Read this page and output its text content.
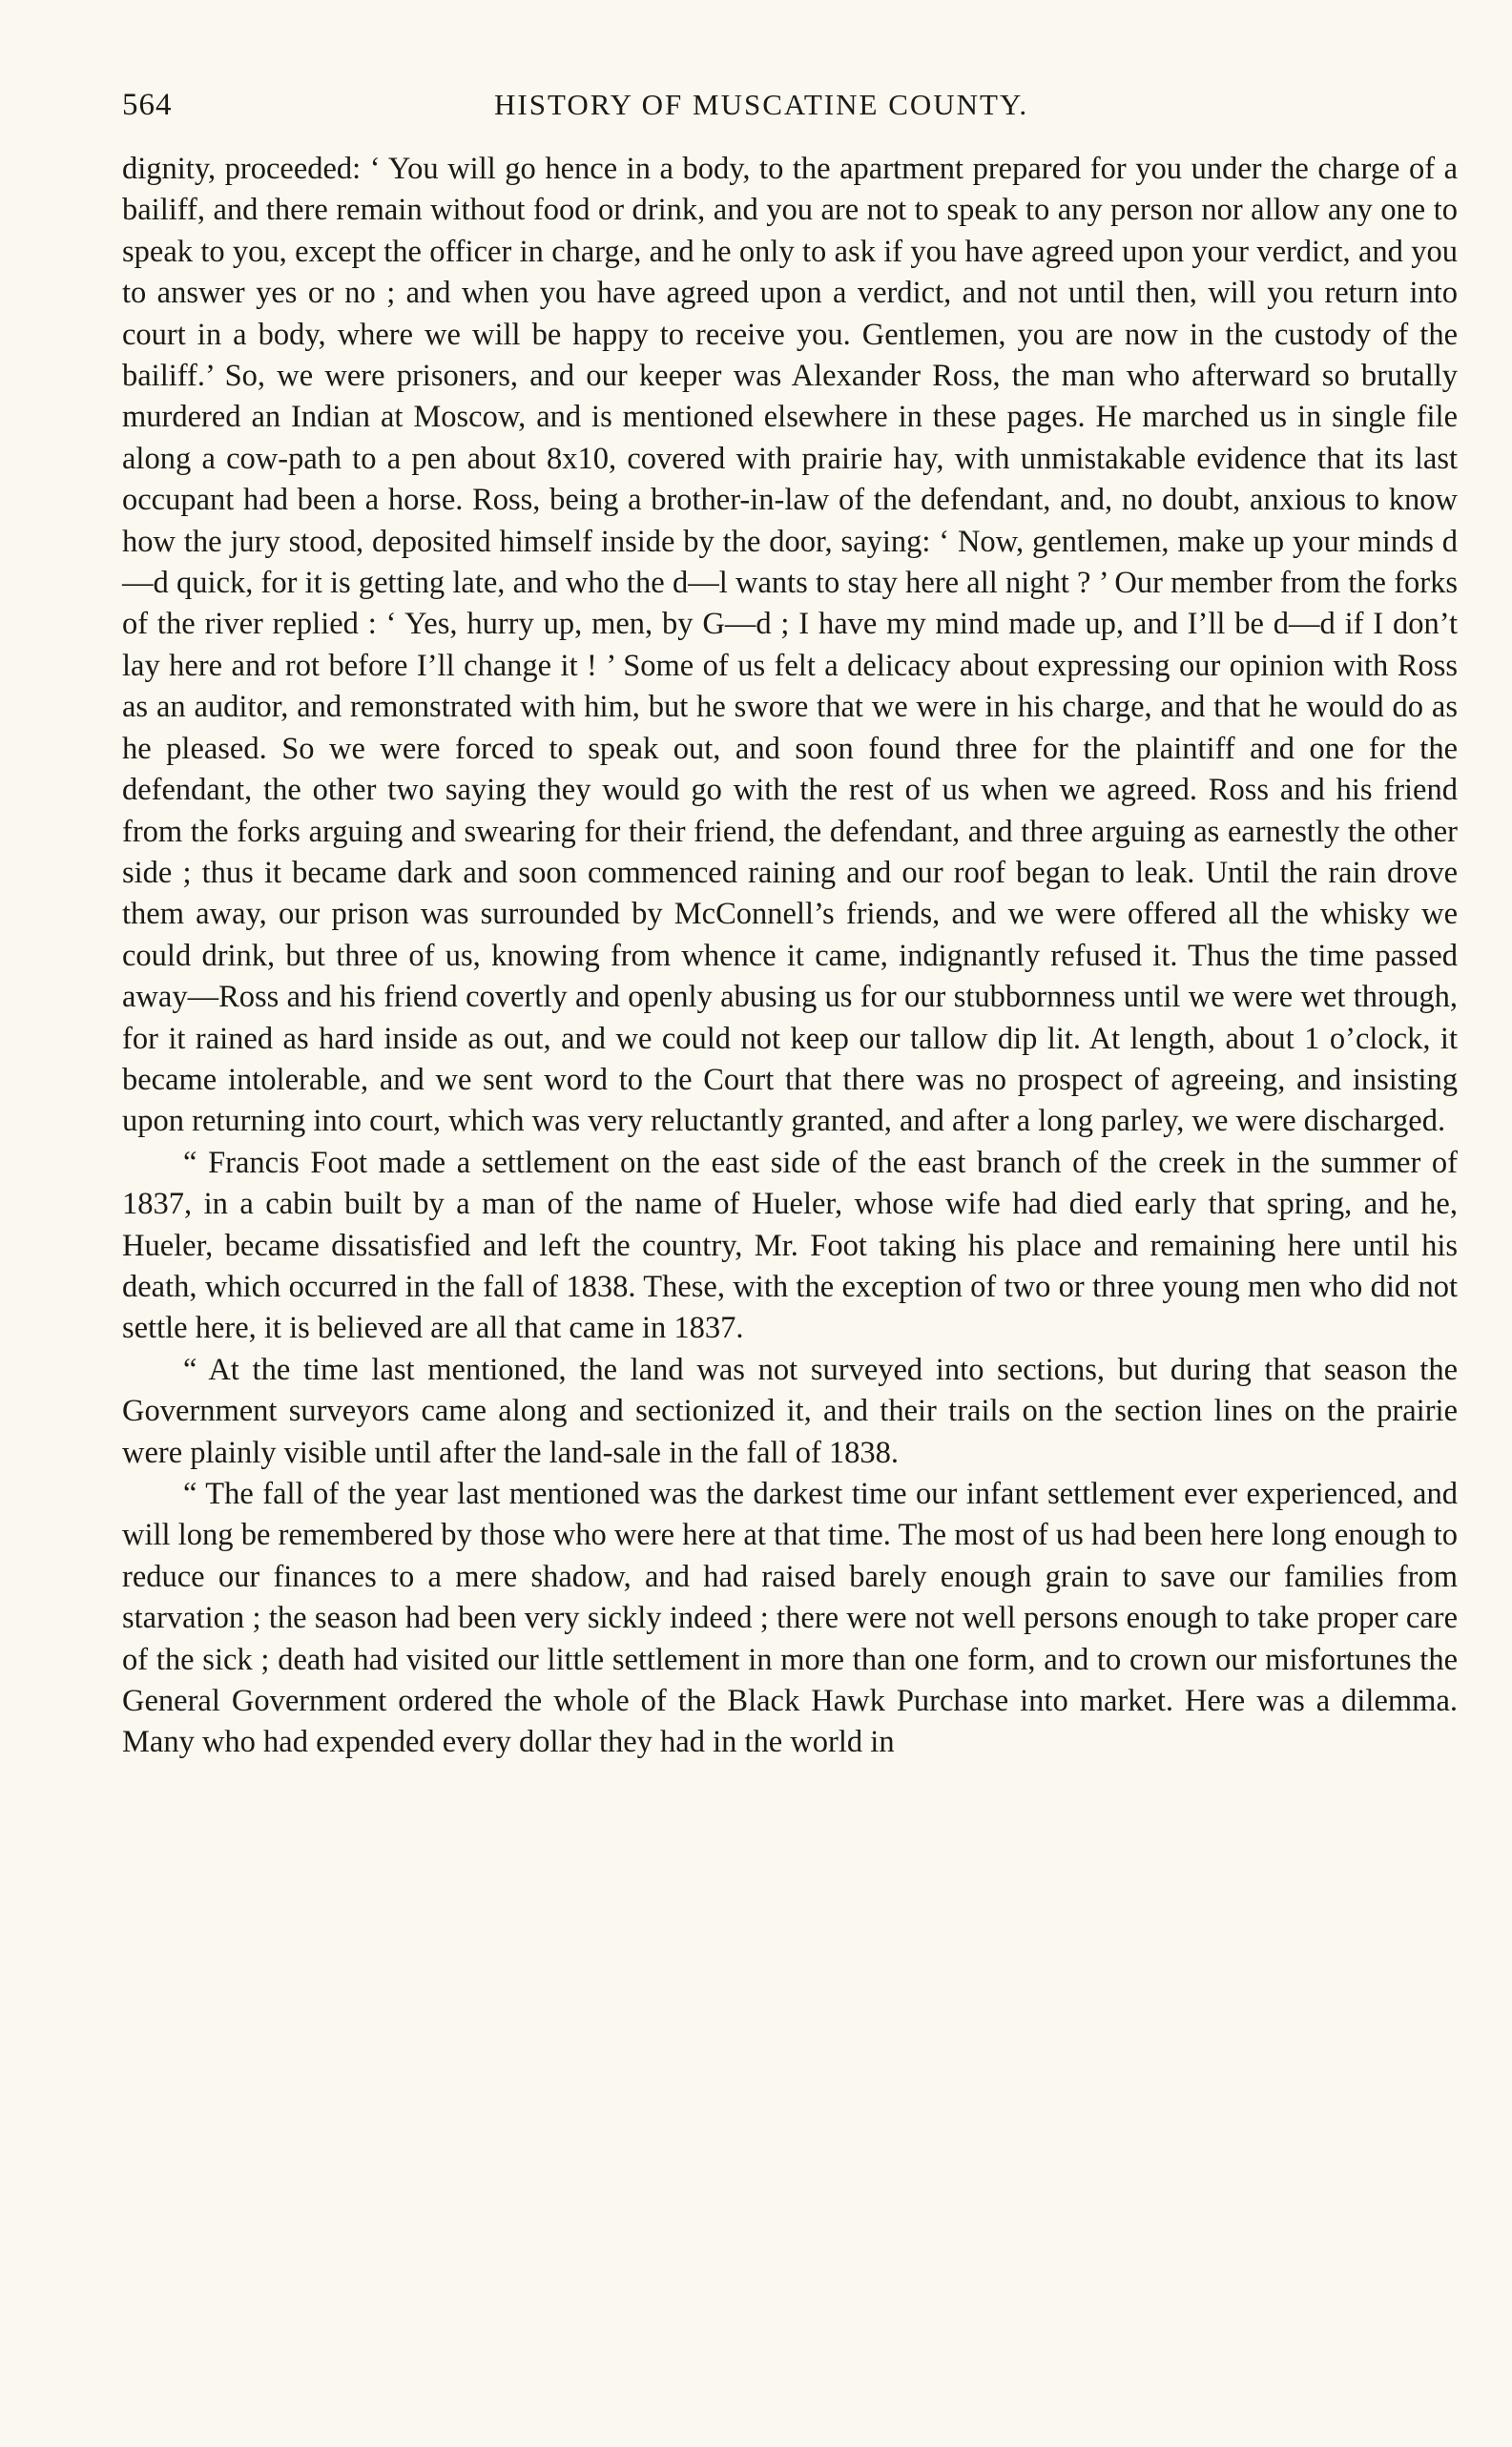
564	HISTORY OF MUSCATINE COUNTY.

dignity, proceeded: ‘ You will go hence in a body, to the apartment prepared for you under the charge of a bailiff, and there remain without food or drink, and you are not to speak to any person nor allow any one to speak to you, except the officer in charge, and he only to ask if you have agreed upon your verdict, and you to answer yes or no ; and when you have agreed upon a verdict, and not until then, will you return into court in a body, where we will be happy to receive you. Gentlemen, you are now in the custody of the bailiff.’ So, we were prisoners, and our keeper was Alexander Ross, the man who afterward so brutally murdered an Indian at Moscow, and is mentioned elsewhere in these pages. He marched us in single file along a cow-path to a pen about 8x10, covered with prairie hay, with unmistakable evidence that its last occupant had been a horse. Ross, being a brother-in-law of the defendant, and, no doubt, anxious to know how the jury stood, deposited himself inside by the door, saying: ‘ Now, gentlemen, make up your minds d—d quick, for it is getting late, and who the d—l wants to stay here all night ? ’ Our member from the forks of the river replied : ‘ Yes, hurry up, men, by G—d ; I have my mind made up, and I’ll be d—d if I don’t lay here and rot before I’ll change it ! ’ Some of us felt a delicacy about expressing our opinion with Ross as an auditor, and remonstrated with him, but he swore that we were in his charge, and that he would do as he pleased. So we were forced to speak out, and soon found three for the plaintiff and one for the defendant, the other two saying they would go with the rest of us when we agreed. Ross and his friend from the forks arguing and swearing for their friend, the defendant, and three arguing as earnestly the other side ; thus it became dark and soon commenced raining and our roof began to leak. Until the rain drove them away, our prison was surrounded by McConnell’s friends, and we were offered all the whisky we could drink, but three of us, knowing from whence it came, indignantly refused it. Thus the time passed away—Ross and his friend covertly and openly abusing us for our stubbornness until we were wet through, for it rained as hard inside as out, and we could not keep our tallow dip lit. At length, about 1 o’clock, it became intolerable, and we sent word to the Court that there was no prospect of agreeing, and insisting upon returning into court, which was very reluctantly granted, and after a long parley, we were discharged.

“ Francis Foot made a settlement on the east side of the east branch of the creek in the summer of 1837, in a cabin built by a man of the name of Hueler, whose wife had died early that spring, and he, Hueler, became dissatisfied and left the country, Mr. Foot taking his place and remaining here until his death, which occurred in the fall of 1838. These, with the exception of two or three young men who did not settle here, it is believed are all that came in 1837.

“ At the time last mentioned, the land was not surveyed into sections, but during that season the Government surveyors came along and sectionized it, and their trails on the section lines on the prairie were plainly visible until after the land-sale in the fall of 1838.

“ The fall of the year last mentioned was the darkest time our infant settlement ever experienced, and will long be remembered by those who were here at that time. The most of us had been here long enough to reduce our finances to a mere shadow, and had raised barely enough grain to save our families from starvation ; the season had been very sickly indeed ; there were not well persons enough to take proper care of the sick ; death had visited our little settlement in more than one form, and to crown our misfortunes the General Government ordered the whole of the Black Hawk Purchase into market. Here was a dilemma. Many who had expended every dollar they had in the world in
